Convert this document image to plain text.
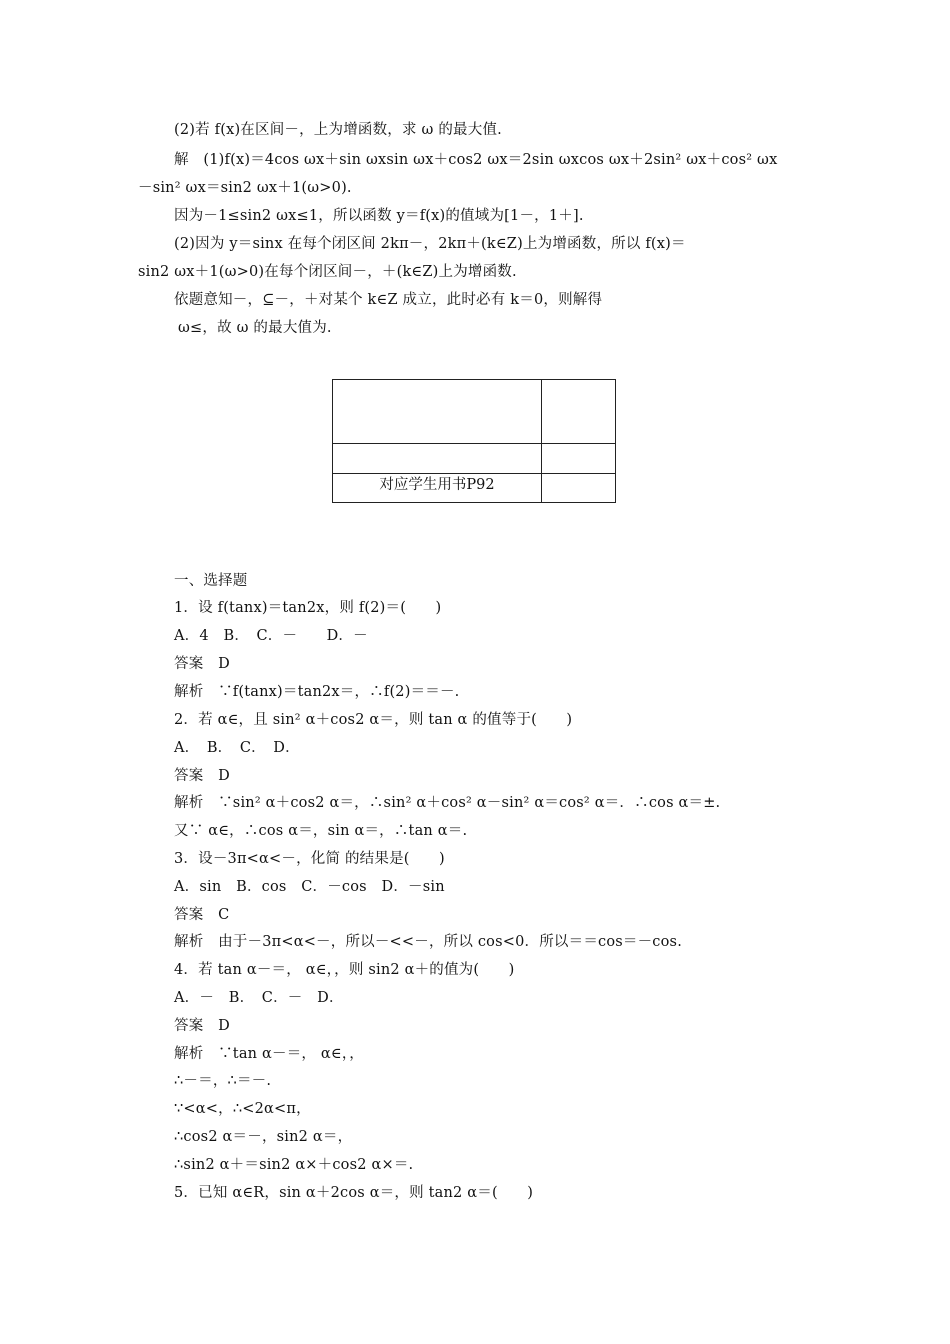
(2)若 f(x)在区间－，上为增函数，求 ω 的最大值.
解　(1)f(x)＝4cos ωx＋sin ωxsin ωx＋cos2 ωx＝2sin ωxcos ωx＋2sin² ωx＋cos² ωx
－sin² ωx＝sin2 ωx＋1(ω>0).
因为－1≤sin2 ωx≤1，所以函数 y＝f(x)的值域为[1－，1＋].
(2)因为 y＝sinx 在每个闭区间 2kπ－，2kπ＋(k∈Z)上为增函数，所以 f(x)＝
sin2 ωx＋1(ω>0)在每个闭区间－，＋(k∈Z)上为增函数.
依题意知－，⊆－，＋对某个 k∈Z 成立，此时必有 k＝0，则解得
ω≤，故 ω 的最大值为.
对应学生用书P92
一、选择题
1．设 f(tanx)＝tan2x，则 f(2)＝(　　)
A．4　B．　C．－　　D．－
答案　D
解析　∵f(tanx)＝tan2x＝，∴f(2)＝＝－.
2．若 α∈，且 sin² α＋cos2 α＝，则 tan α 的值等于(　　)
A．　B．　C．　D．
答案　D
解析　∵sin² α＋cos2 α＝，∴sin² α＋cos² α－sin² α＝cos² α＝．∴cos α＝±.
又∵ α∈，∴cos α＝，sin α＝，∴tan α＝.
3．设－3π<α<－，化简 的结果是(　　)
A．sin　B．cos　C．－cos　D．－sin
答案　C
解析　由于－3π<α<－，所以－<<－，所以 cos<0．所以＝＝cos＝－cos.
4．若 tan α－＝， α∈，，则 sin2 α＋的值为(　　)
A．－　B．　C．－　D．
答案　D
解析　∵tan α－＝， α∈，，
∴－＝，∴＝－.
∵<α<，∴<2α<π，
∴cos2 α＝－，sin2 α＝，
∴sin2 α＋＝sin2 α×＋cos2 α×＝.
5．已知 α∈R，sin α＋2cos α＝，则 tan2 α＝(　　)
